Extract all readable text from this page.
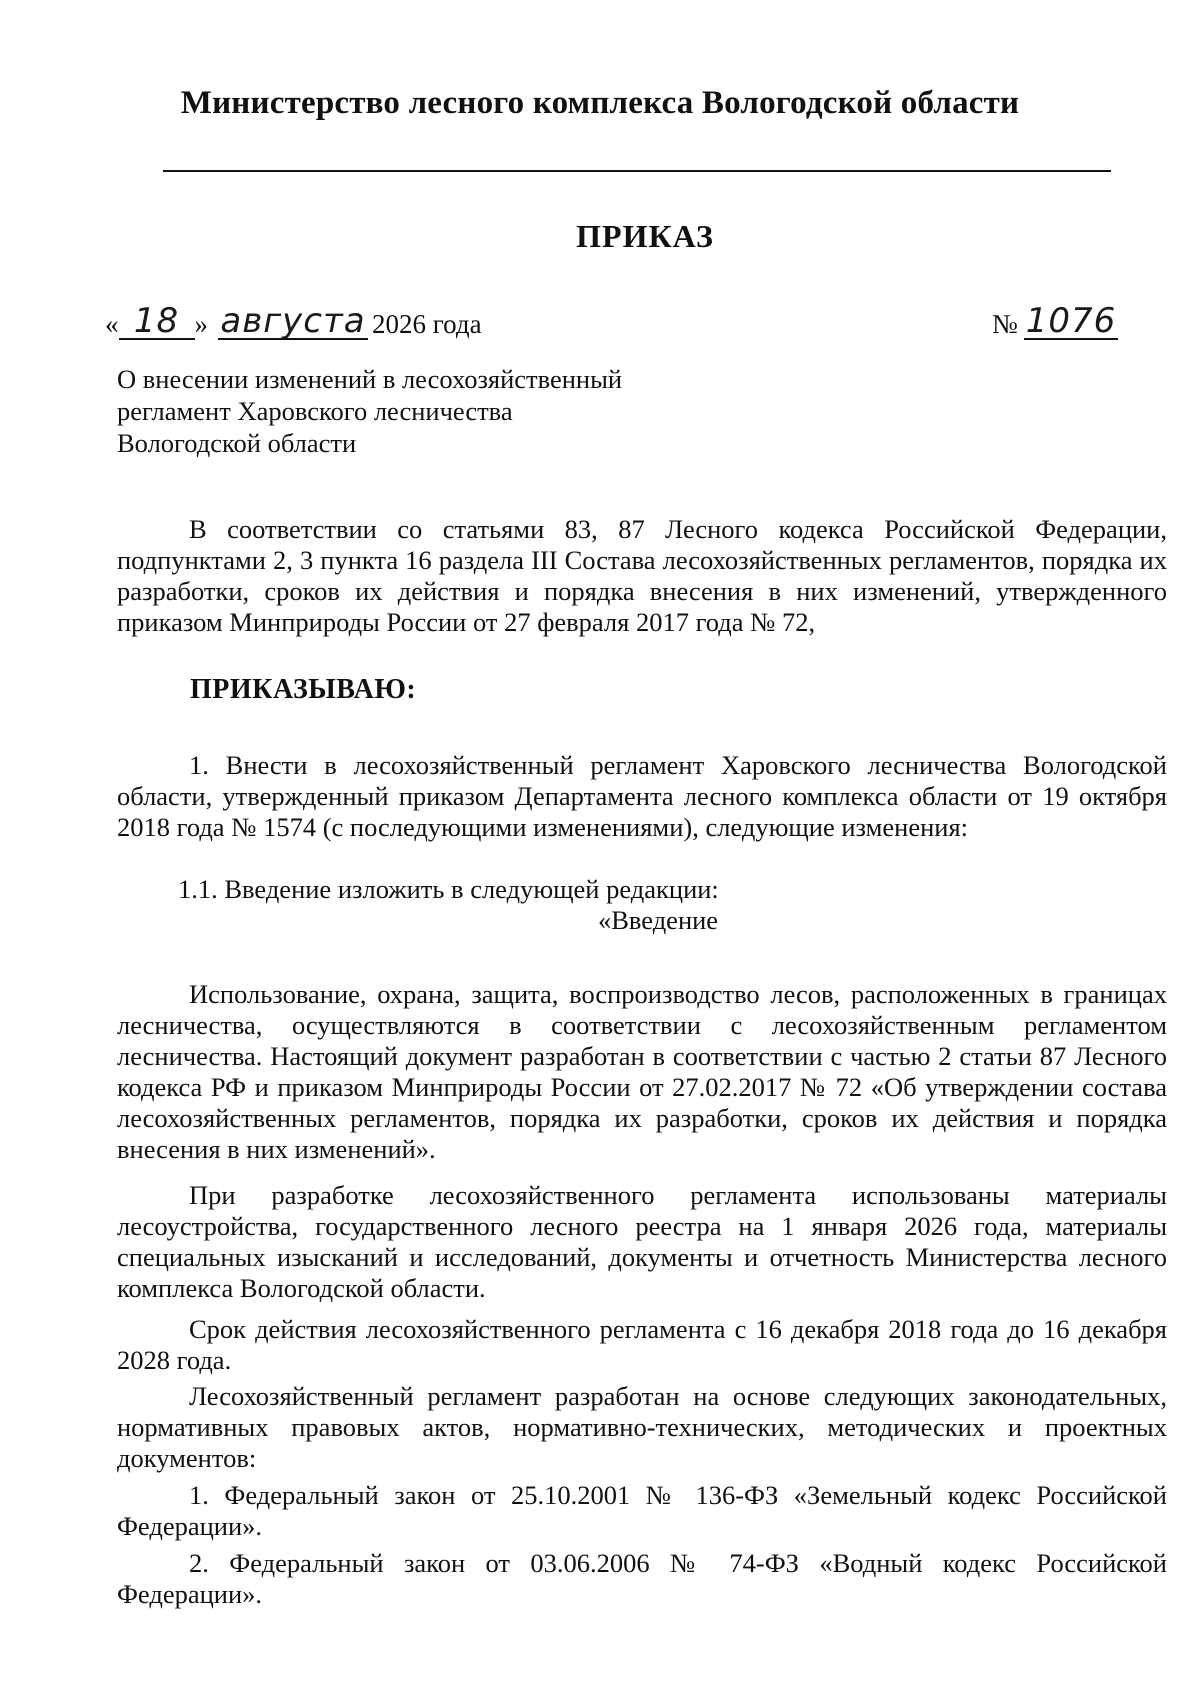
Министерство лесного комплекса Вологодской области
ПРИКАЗ
« 18 » августа 2026 года	№ 1076
О внесении изменений в лесохозяйственный
регламент Харовского лесничества
Вологодской области
В соответствии со статьями 83, 87 Лесного кодекса Российской Федерации, подпунктами 2, 3 пункта 16 раздела III Состава лесохозяйственных регламентов, порядка их разработки, сроков их действия и порядка внесения в них изменений, утвержденного приказом Минприроды России от 27 февраля 2017 года № 72,
ПРИКАЗЫВАЮ:
1. Внести в лесохозяйственный регламент Харовского лесничества Вологодской области, утвержденный приказом Департамента лесного комплекса области от 19 октября 2018 года № 1574 (с последующими изменениями), следующие изменения:
1.1. Введение изложить в следующей редакции:
«Введение
Использование, охрана, защита, воспроизводство лесов, расположенных в границах лесничества, осуществляются в соответствии с лесохозяйственным регламентом лесничества. Настоящий документ разработан в соответствии с частью 2 статьи 87 Лесного кодекса РФ и приказом Минприроды России от 27.02.2017 № 72 «Об утверждении состава лесохозяйственных регламентов, порядка их разработки, сроков их действия и порядка внесения в них изменений».
При разработке лесохозяйственного регламента использованы материалы лесоустройства, государственного лесного реестра на 1 января 2026 года, материалы специальных изысканий и исследований, документы и отчетность Министерства лесного комплекса Вологодской области.
Срок действия лесохозяйственного регламента с 16 декабря 2018 года до 16 декабря 2028 года.
Лесохозяйственный регламент разработан на основе следующих законодательных, нормативных правовых актов, нормативно-технических, методических и проектных документов:
1. Федеральный закон от 25.10.2001 № 136-ФЗ «Земельный кодекс Российской Федерации».
2. Федеральный закон от 03.06.2006 № 74-ФЗ «Водный кодекс Российской Федерации».
